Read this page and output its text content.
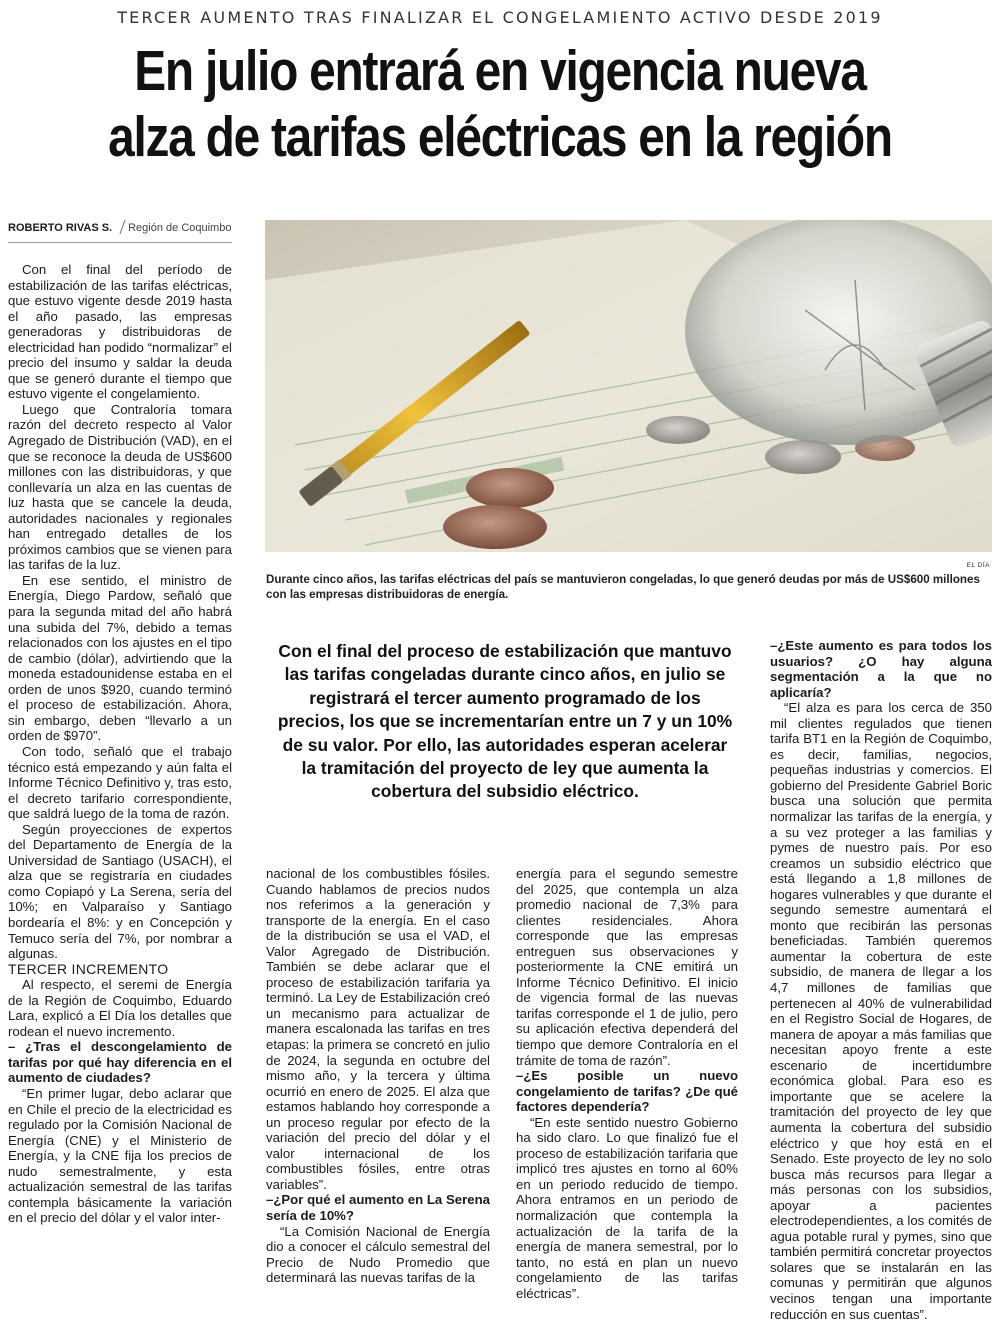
TERCER AUMENTO TRAS FINALIZAR EL CONGELAMIENTO ACTIVO DESDE 2019
En julio entrará en vigencia nueva
alza de tarifas eléctricas en la región
ROBERTO RIVAS S. Región de Coquimbo

Con el final del período de estabilización de las tarifas eléctricas, que estuvo vigente desde 2019 hasta el año pasado, las empresas generadoras y distribuidoras de electricidad han podido “normalizar” el precio del insumo y saldar la deuda que se generó durante el tiempo que estuvo vigente el congelamiento.

Luego que Contraloría tomara razón del decreto respecto al Valor Agregado de Distribución (VAD), en el que se reconoce la deuda de US$600 millones con las distribuidoras, y que conllevaría un alza en las cuentas de luz hasta que se cancele la deuda, autoridades nacionales y regionales han entregado detalles de los próximos cambios que se vienen para las tarifas de la luz.

En ese sentido, el ministro de Energía, Diego Pardow, señaló que para la segunda mitad del año habrá una subida del 7%, debido a temas relacionados con los ajustes en el tipo de cambio (dólar), advirtiendo que la moneda estadounidense estaba en el orden de unos $920, cuando terminó el proceso de estabilización. Ahora, sin embargo, deben “llevarlo a un orden de $970”.

Con todo, señaló que el trabajo técnico está empezando y aún falta el Informe Técnico Definitivo y, tras esto, el decreto tarifario correspondiente, que saldrá luego de la toma de razón.

Según proyecciones de expertos del Departamento de Energía de la Universidad de Santiago (USACH), el alza que se registraría en ciudades como Copiapó y La Serena, sería del 10%; en Valparaíso y Santiago bordearía el 8%: y en Concepción y Temuco sería del 7%, por nombrar a algunas.

TERCER INCREMENTO

Al respecto, el seremi de Energía de la Región de Coquimbo, Eduardo Lara, explicó a El Día los detalles que rodean el nuevo incremento.

– ¿Tras el descongelamiento de tarifas por qué hay diferencia en el aumento de ciudades?

“En primer lugar, debo aclarar que en Chile el precio de la electricidad es regulado por la Comisión Nacional de Energía (CNE) y el Ministerio de Energía, y la CNE fija los precios de nudo semestralmente, y esta actualización semestral de las tarifas contempla básicamente la variación en el precio del dólar y el valor inter-

EL DÍA
Durante cinco años, las tarifas eléctricas del país se mantuvieron congeladas, lo que generó deudas por más de US$600 millones con las empresas distribuidoras de energía.
Con el final del proceso de estabilización que mantuvo las tarifas congeladas durante cinco años, en julio se registrará el tercer aumento programado de los precios, los que se incrementarían entre un 7 y un 10% de su valor. Por ello, las autoridades esperan acelerar la tramitación del proyecto de ley que aumenta la cobertura del subsidio eléctrico.

nacional de los combustibles fósiles. Cuando hablamos de precios nudos nos referimos a la generación y transporte de la energía. En el caso de la distribución se usa el VAD, el Valor Agregado de Distribución. También se debe aclarar que el proceso de estabilización tarifaria ya terminó. La Ley de Estabilización creó un mecanismo para actualizar de manera escalonada las tarifas en tres etapas: la primera se concretó en julio de 2024, la segunda en octubre del mismo año, y la tercera y última ocurrió en enero de 2025. El alza que estamos hablando hoy corresponde a un proceso regular por efecto de la variación del precio del dólar y el valor internacional de los combustibles fósiles, entre otras variables”.

–¿Por qué el aumento en La Serena sería de 10%?

“La Comisión Nacional de Energía dio a conocer el cálculo semestral del Precio de Nudo Promedio que determinará las nuevas tarifas de la

energía para el segundo semestre del 2025, que contempla un alza promedio nacional de 7,3% para clientes residenciales. Ahora corresponde que las empresas entreguen sus observaciones y posteriormente la CNE emitirá un Informe Técnico Definitivo. El inicio de vigencia formal de las nuevas tarifas corresponde el 1 de julio, pero su aplicación efectiva dependerá del tiempo que demore Contraloría en el trámite de toma de razón”.

–¿Es posible un nuevo congelamiento de tarifas? ¿De qué factores dependería?

“En este sentido nuestro Gobierno ha sido claro. Lo que finalizó fue el proceso de estabilización tarifaria que implicó tres ajustes en torno al 60% en un periodo reducido de tiempo. Ahora entramos en un periodo de normalización que contempla la actualización de la tarifa de la energía de manera semestral, por lo tanto, no está en plan un nuevo congelamiento de las tarifas eléctricas”.

–¿Este aumento es para todos los usuarios? ¿O hay alguna segmentación a la que no aplicaría?

“El alza es para los cerca de 350 mil clientes regulados que tienen tarifa BT1 en la Región de Coquimbo, es decir, familias, negocios, pequeñas industrias y comercios. El gobierno del Presidente Gabriel Boric busca una solución que permita normalizar las tarifas de la energía, y a su vez proteger a las familias y pymes de nuestro país. Por eso creamos un subsidio eléctrico que está llegando a 1,8 millones de hogares vulnerables y que durante el segundo semestre aumentará el monto que recibirán las personas beneficiadas. También queremos aumentar la cobertura de este subsidio, de manera de llegar a los 4,7 millones de familias que pertenecen al 40% de vulnerabilidad en el Registro Social de Hogares, de manera de apoyar a más familias que necesitan apoyo frente a este escenario de incertidumbre económica global. Para eso es importante que se acelere la tramitación del proyecto de ley que aumenta la cobertura del subsidio eléctrico y que hoy está en el Senado. Este proyecto de ley no solo busca más recursos para llegar a más personas con los subsidios, apoyar a pacientes electrodependientes, a los comités de agua potable rural y pymes, sino que también permitirá concretar proyectos solares que se instalarán en las comunas y permitirán que algunos vecinos tengan una importante reducción en sus cuentas”.
